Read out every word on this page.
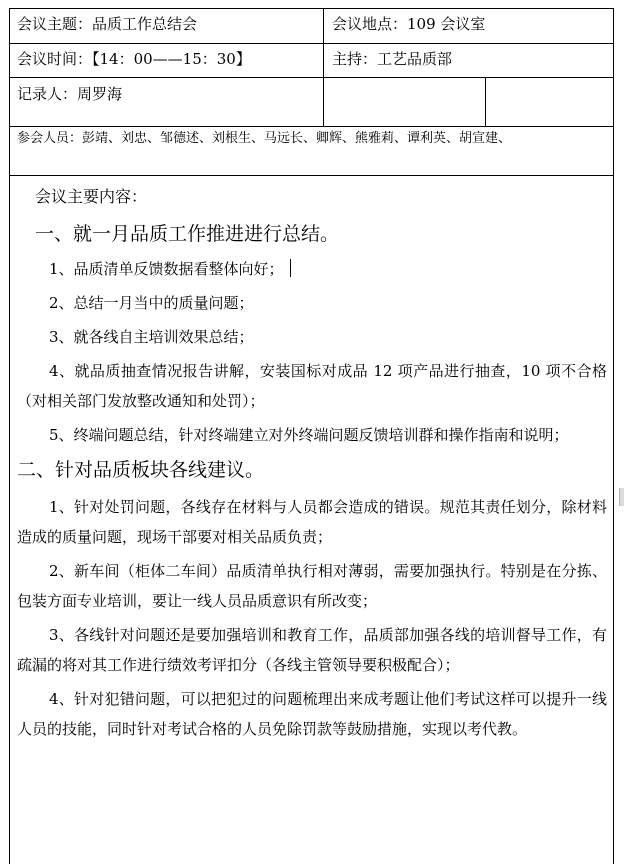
会议主题：品质工作总结会	会议地点：109 会议室
会议时间：【14：00——15：30】	主持：工艺品质部
记录人：周罗海
参会人员：彭靖、刘忠、邹德述、刘根生、马远长、卿辉、熊雅莉、谭利英、胡宣建、

会议主要内容：

一、就一月品质工作推进进行总结。

1、品质清单反馈数据看整体向好；

2、总结一月当中的质量问题；

3、就各线自主培训效果总结；

4、就品质抽查情况报告讲解，安装国标对成品 12 项产品进行抽查，10 项不合格（对相关部门发放整改通知和处罚）；

5、终端问题总结，针对终端建立对外终端问题反馈培训群和操作指南和说明；

二、针对品质板块各线建议。

1、针对处罚问题，各线存在材料与人员都会造成的错误。规范其责任划分，除材料造成的质量问题，现场干部要对相关品质负责；

2、新车间（柜体二车间）品质清单执行相对薄弱，需要加强执行。特别是在分拣、包装方面专业培训，要让一线人员品质意识有所改变；

3、各线针对问题还是要加强培训和教育工作，品质部加强各线的培训督导工作，有疏漏的将对其工作进行绩效考评扣分（各线主管领导要积极配合）；

4、针对犯错问题，可以把犯过的问题梳理出来成考题让他们考试这样可以提升一线人员的技能，同时针对考试合格的人员免除罚款等鼓励措施，实现以考代教。
